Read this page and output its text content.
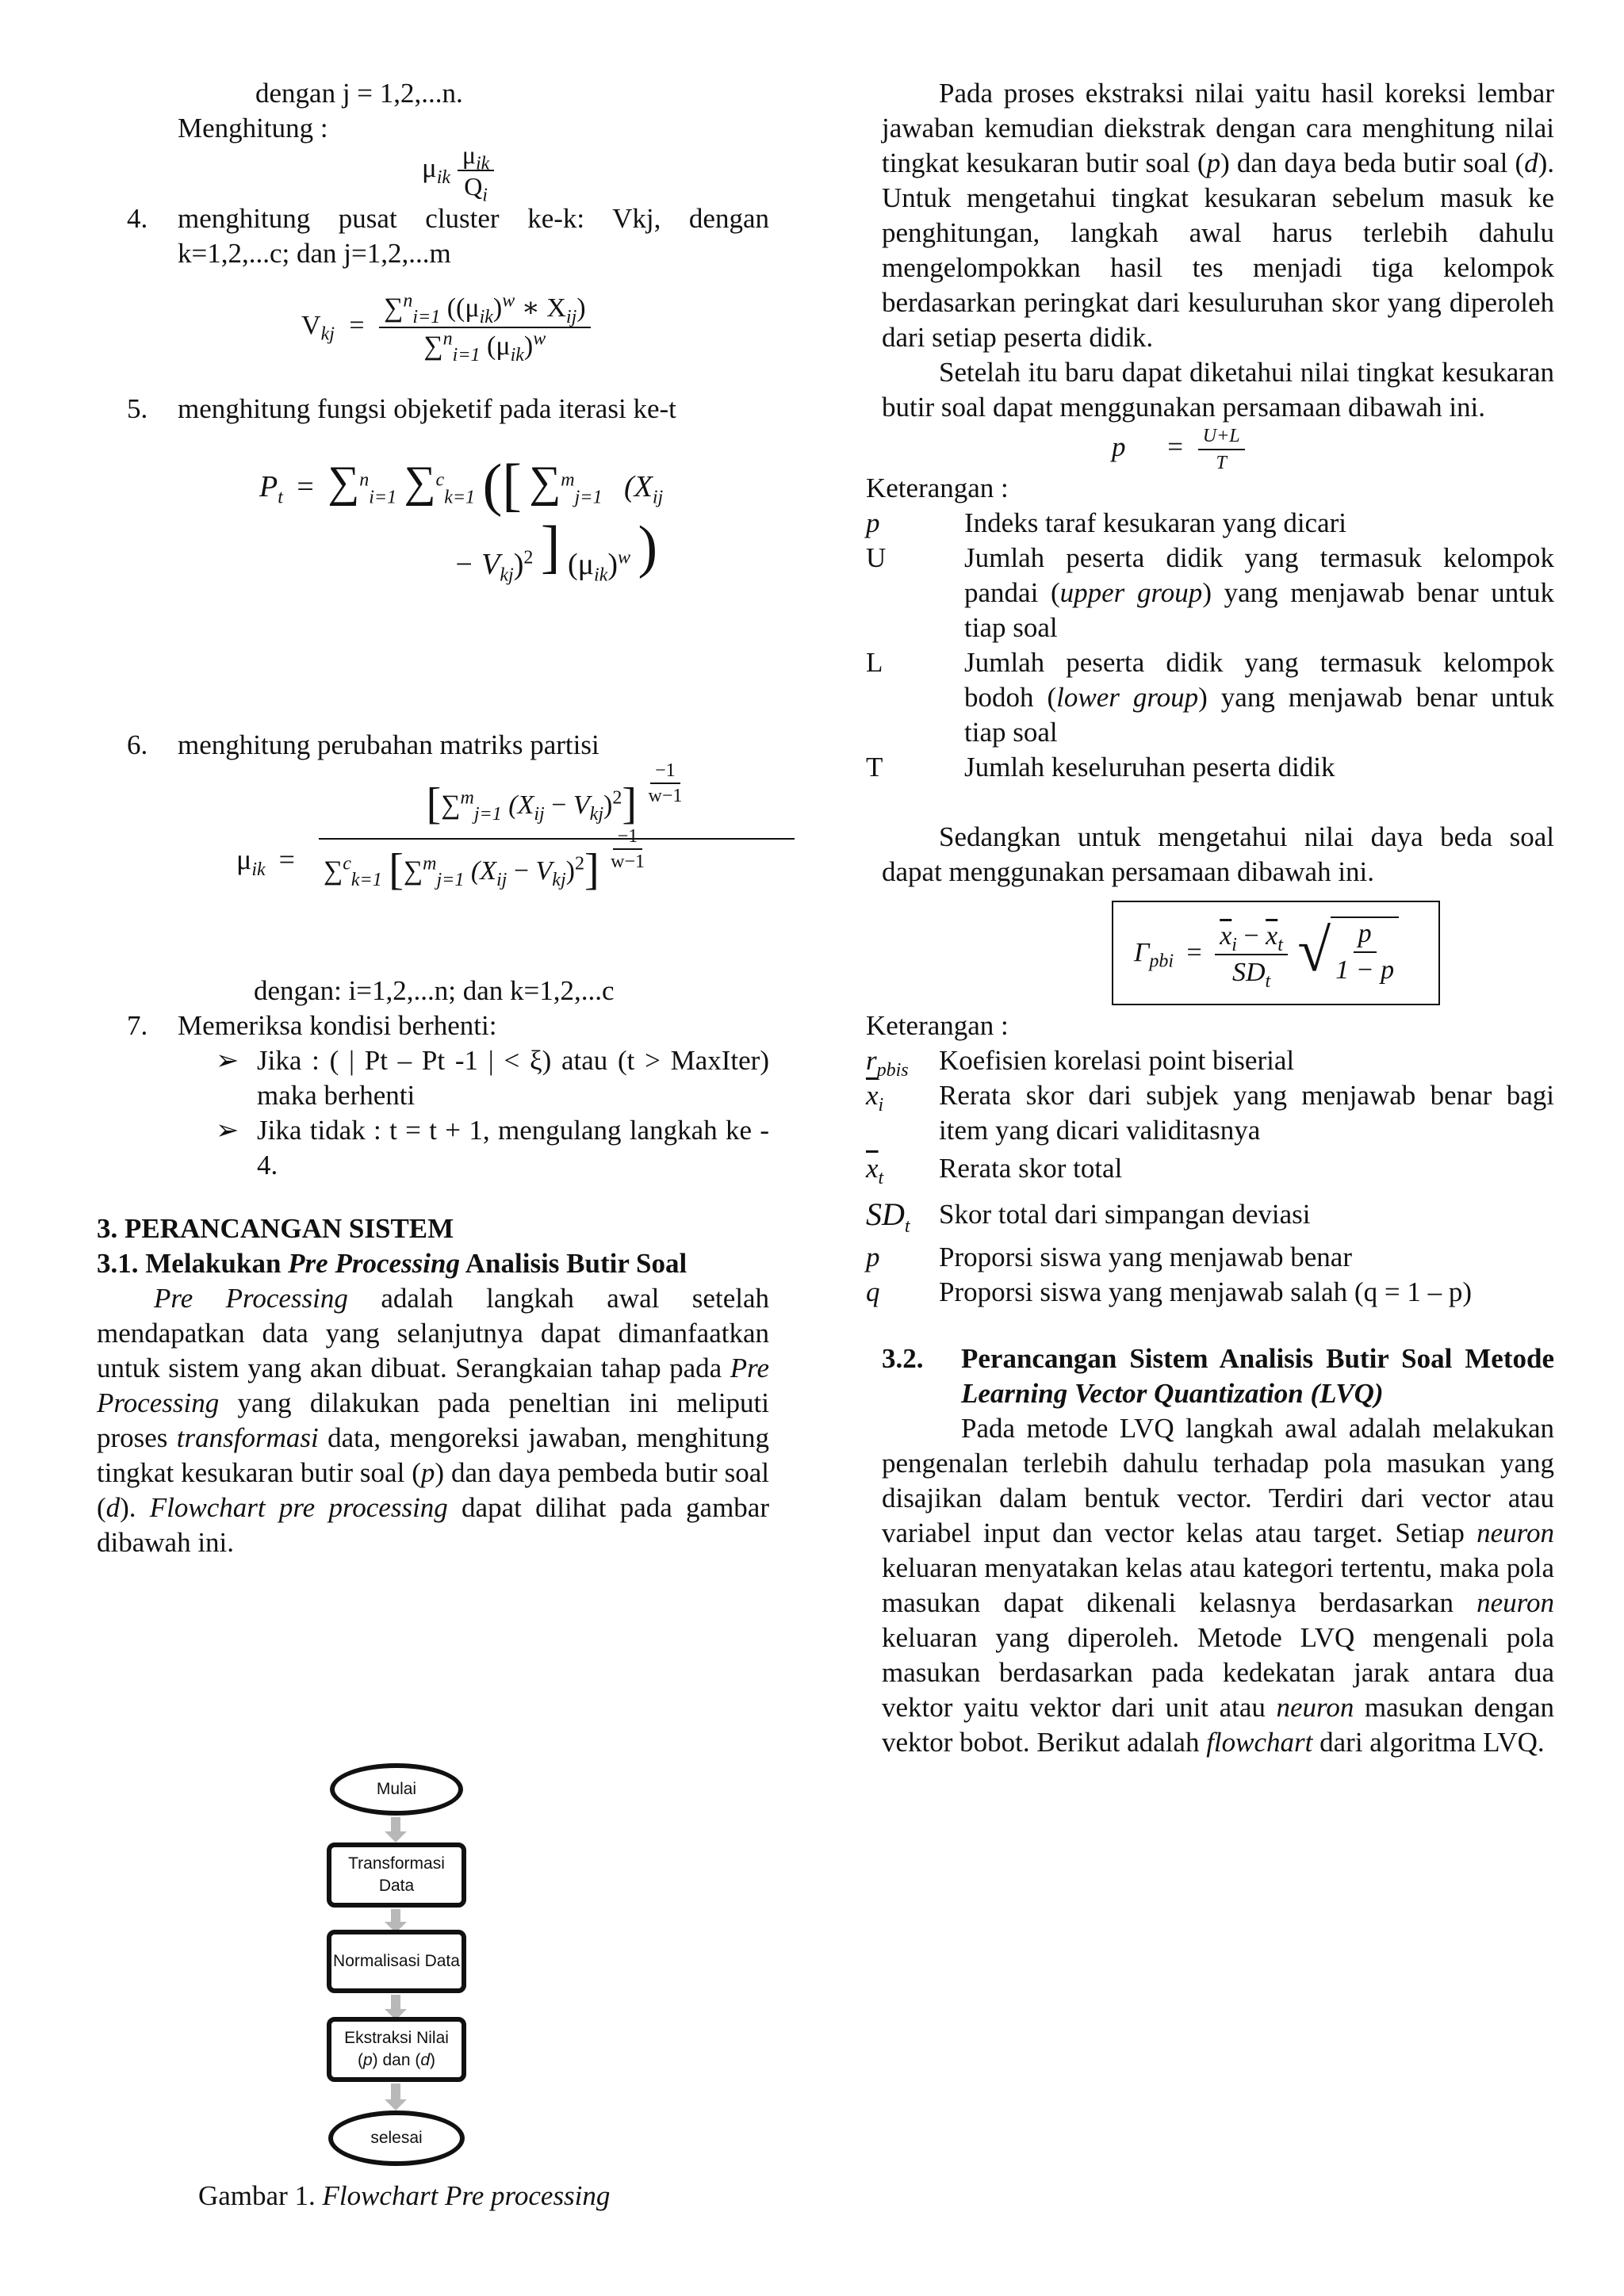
dengan j = 1,2,...n.

Menghitung :

$\mu_{ik} \frac{\mu_{ik}}{Q_i}$
4.	menghitung pusat cluster ke-k: Vkj, dengan k=1,2,...c; dan j=1,2,...m
$V_{kj} = \frac{\sum^n_{i=1} ((\mu_{ik})^w ∗ X_{ij})}{\sum^n_{i=1} (\mu_{ik})^w}$
5.	menghitung fungsi objeketif pada iterasi ke-t
$P_t = \sum^n_{i=1}$ ∑$^c_{k=1}$ ([ ∑$^m_{j=1}$ ($X_{ij}$
− $V_{kj})^2$ ] $(\mu_{ik})^w$ )
6.	menghitung perubahan matriks partisi
$\mu_{ik}$ =
[∑$^m_{j=1}$ $(X_{ij} - V_{kj})^2] \frac{-1}{w-1}$
∑$^c_{k=1}$ [∑$^m_{j=1}$ $(X_{ij} - V_{kj})^2] \frac{-1}{w-1}$

dengan: i=1,2,...n; dan k=1,2,...c

7.	Memeriksa kondisi berhenti:
➢ Jika : ( | Pt – Pt -1 | < ξ) atau (t > MaxIter) maka berhenti
➢ Jika tidak : t = t + 1, mengulang langkah ke - 4.

3. PERANCANGAN SISTEM

3.1. Melakukan Pre Processing Analisis Butir Soal

Pre Processing adalah langkah awal setelah mendapatkan data yang selanjutnya dapat dimanfaatkan untuk sistem yang akan dibuat. Serangkaian tahap pada Pre Processing yang dilakukan pada peneltian ini meliputi proses transformasi data, mengoreksi jawaban, menghitung tingkat kesukaran butir soal (p) dan daya pembeda butir soal (d). Flowchart pre processing dapat dilihat pada gambar dibawah ini.

Mulai
Transformasi Data
Normalisasi Data
Ekstraksi Nilai
(p) dan (d)
selesai

Gambar 1. Flowchart Pre processing

Pada proses ekstraksi nilai yaitu hasil koreksi lembar jawaban kemudian diekstrak dengan cara menghitung nilai tingkat kesukaran butir soal (p) dan daya beda butir soal (d). Untuk mengetahui tingkat kesukaran sebelum masuk ke penghitungan, langkah awal harus terlebih dahulu mengelompokkan hasil tes menjadi tiga kelompok berdasarkan peringkat dari kesuluruhan skor yang diperoleh dari setiap peserta didik.

Setelah itu baru dapat diketahui nilai tingkat kesukaran butir soal dapat menggunakan persamaan dibawah ini.

$p = \frac{U+L}{T}$

Keterangan :

p	Indeks taraf kesukaran yang dicari
U	Jumlah peserta didik yang termasuk kelompok pandai (upper group) yang menjawab benar untuk tiap soal
L	Jumlah peserta didik yang termasuk kelompok bodoh (lower group) yang menjawab benar untuk tiap soal
T	Jumlah keseluruhan peserta didik

Sedangkan untuk mengetahui nilai daya beda soal dapat menggunakan persamaan dibawah ini.

$\Gamma_{pbi} = \frac{\overline{x}_i - \overline{x}_t}{SD_t}$ √ $\frac{p}{1 - p}$

Keterangan :

$r_{pbis}$	Koefisien korelasi point biserial
$\overline{x}_i$	Rerata skor dari subjek yang menjawab benar bagi item yang dicari validitasnya
$\overline{x}_t$	Rerata skor total
$SD_t$	Skor total dari simpangan deviasi
p	Proporsi siswa yang menjawab benar
q	Proporsi siswa yang menjawab salah (q = 1 – p)
3.2.	Perancangan Sistem Analisis Butir Soal Metode Learning Vector Quantization (LVQ)

Pada metode LVQ langkah awal adalah melakukan pengenalan terlebih dahulu terhadap pola masukan yang disajikan dalam bentuk vector. Terdiri dari vector atau variabel input dan vector kelas atau target. Setiap neuron keluaran menyatakan kelas atau kategori tertentu, maka pola masukan dapat dikenali kelasnya berdasarkan neuron keluaran yang diperoleh. Metode LVQ mengenali pola masukan berdasarkan pada kedekatan jarak antara dua vektor yaitu vektor dari unit atau neuron masukan dengan vektor bobot. Berikut adalah flowchart dari algoritma LVQ.
